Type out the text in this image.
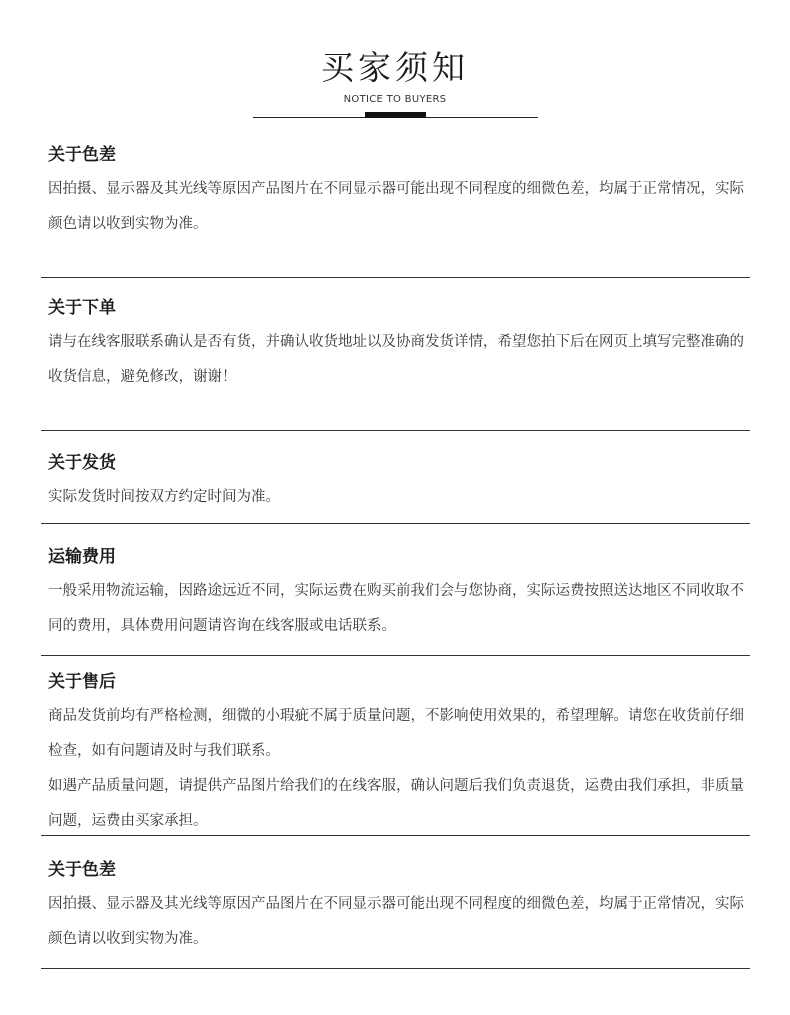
买家须知
NOTICE TO BUYERS
关于色差

因拍摄、显示器及其光线等原因产品图片在不同显示器可能出现不同程度的细微色差，均属于正常情况，实际颜色请以收到实物为准。

关于下单

请与在线客服联系确认是否有货，并确认收货地址以及协商发货详情，希望您拍下后在网页上填写完整准确的收货信息，避免修改，谢谢！

关于发货

实际发货时间按双方约定时间为准。

运输费用

一般采用物流运输，因路途远近不同，实际运费在购买前我们会与您协商，实际运费按照送达地区不同收取不同的费用，具体费用问题请咨询在线客服或电话联系。

关于售后

商品发货前均有严格检测，细微的小瑕疵不属于质量问题，不影响使用效果的，希望理解。请您在收货前仔细检查，如有问题请及时与我们联系。

如遇产品质量问题，请提供产品图片给我们的在线客服，确认问题后我们负责退货，运费由我们承担，非质量问题，运费由买家承担。

关于色差

因拍摄、显示器及其光线等原因产品图片在不同显示器可能出现不同程度的细微色差，均属于正常情况，实际颜色请以收到实物为准。
